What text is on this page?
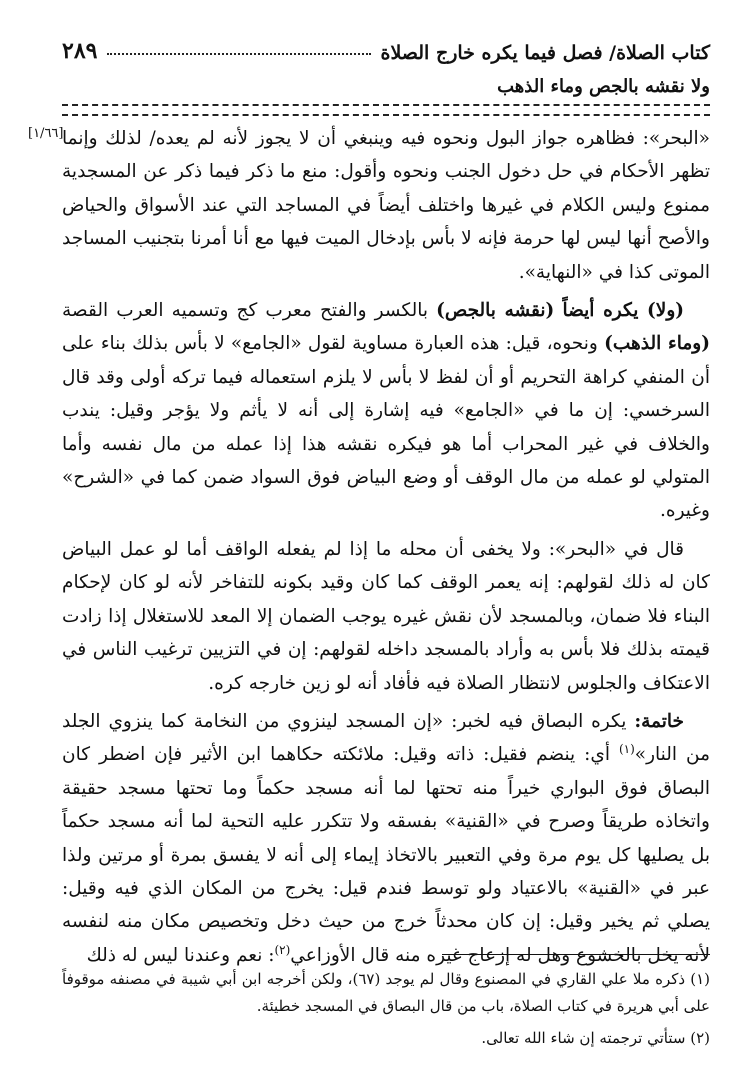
كتاب الصلاة/ فصل فيما يكره خارج الصلاة
٢٨٩
ولا نقشه بالجص وماء الذهب
[١/٦٦]

«البحر»: فظاهره جواز البول ونحوه فيه وينبغي أن لا يجوز لأنه لم يعده/ لذلك وإنما تظهر الأحكام في حل دخول الجنب ونحوه وأقول: منع ما ذكر فيما ذكر عن المسجدية ممنوع وليس الكلام في غيرها واختلف أيضاً في المساجد التي عند الأسواق والحياض والأصح أنها ليس لها حرمة فإنه لا بأس بإدخال الميت فيها مع أنا أمرنا بتجنيب المساجد الموتى كذا في «النهاية».

(ولا) يكره أيضاً (نقشه بالجص) بالكسر والفتح معرب كج وتسميه العرب القصة (وماء الذهب) ونحوه، قيل: هذه العبارة مساوية لقول «الجامع» لا بأس بذلك بناء على أن المنفي كراهة التحريم أو أن لفظ لا بأس لا يلزم استعماله فيما تركه أولى وقد قال السرخسي: إن ما في «الجامع» فيه إشارة إلى أنه لا يأثم ولا يؤجر وقيل: يندب والخلاف في غير المحراب أما هو فيكره نقشه هذا إذا عمله من مال نفسه وأما المتولي لو عمله من مال الوقف أو وضع البياض فوق السواد ضمن كما في «الشرح» وغيره.

قال في «البحر»: ولا يخفى أن محله ما إذا لم يفعله الواقف أما لو عمل البياض كان له ذلك لقولهم: إنه يعمر الوقف كما كان وقيد بكونه للتفاخر لأنه لو كان لإحكام البناء فلا ضمان، وبالمسجد لأن نقش غيره يوجب الضمان إلا المعد للاستغلال إذا زادت قيمته بذلك فلا بأس به وأراد بالمسجد داخله لقولهم: إن في التزيين ترغيب الناس في الاعتكاف والجلوس لانتظار الصلاة فيه فأفاد أنه لو زين خارجه كره.

خاتمة: يكره البصاق فيه لخبر: «إن المسجد لينزوي من النخامة كما ينزوي الجلد من النار»$^{(١)}$ أي: ينضم فقيل: ذاته وقيل: ملائكته حكاهما ابن الأثير فإن اضطر كان البصاق فوق البواري خيراً منه تحتها لما أنه مسجد حكماً وما تحتها مسجد حقيقة واتخاذه طريقاً وصرح في «القنية» بفسقه ولا تتكرر عليه التحية لما أنه مسجد حكماً بل يصليها كل يوم مرة وفي التعبير بالاتخاذ إيماء إلى أنه لا يفسق بمرة أو مرتين ولذا عبر في «القنية» بالاعتياد ولو توسط فندم قيل: يخرج من المكان الذي فيه وقيل: يصلي ثم يخير وقيل: إن كان محدثاً خرج من حيث دخل وتخصيص مكان منه لنفسه لأنه يخل بالخشوع وهل له إزعاج غيره منه قال الأوزاعي$^{(٢)}$: نعم وعندنا ليس له ذلك

(١) ذكره ملا علي القاري في المصنوع وقال لم يوجد (٦٧)، ولكن أخرجه ابن أبي شيبة في مصنفه موقوفاً على أبي هريرة في كتاب الصلاة، باب من قال البصاق في المسجد خطيئة.

(٢) ستأتي ترجمته إن شاء الله تعالى.
